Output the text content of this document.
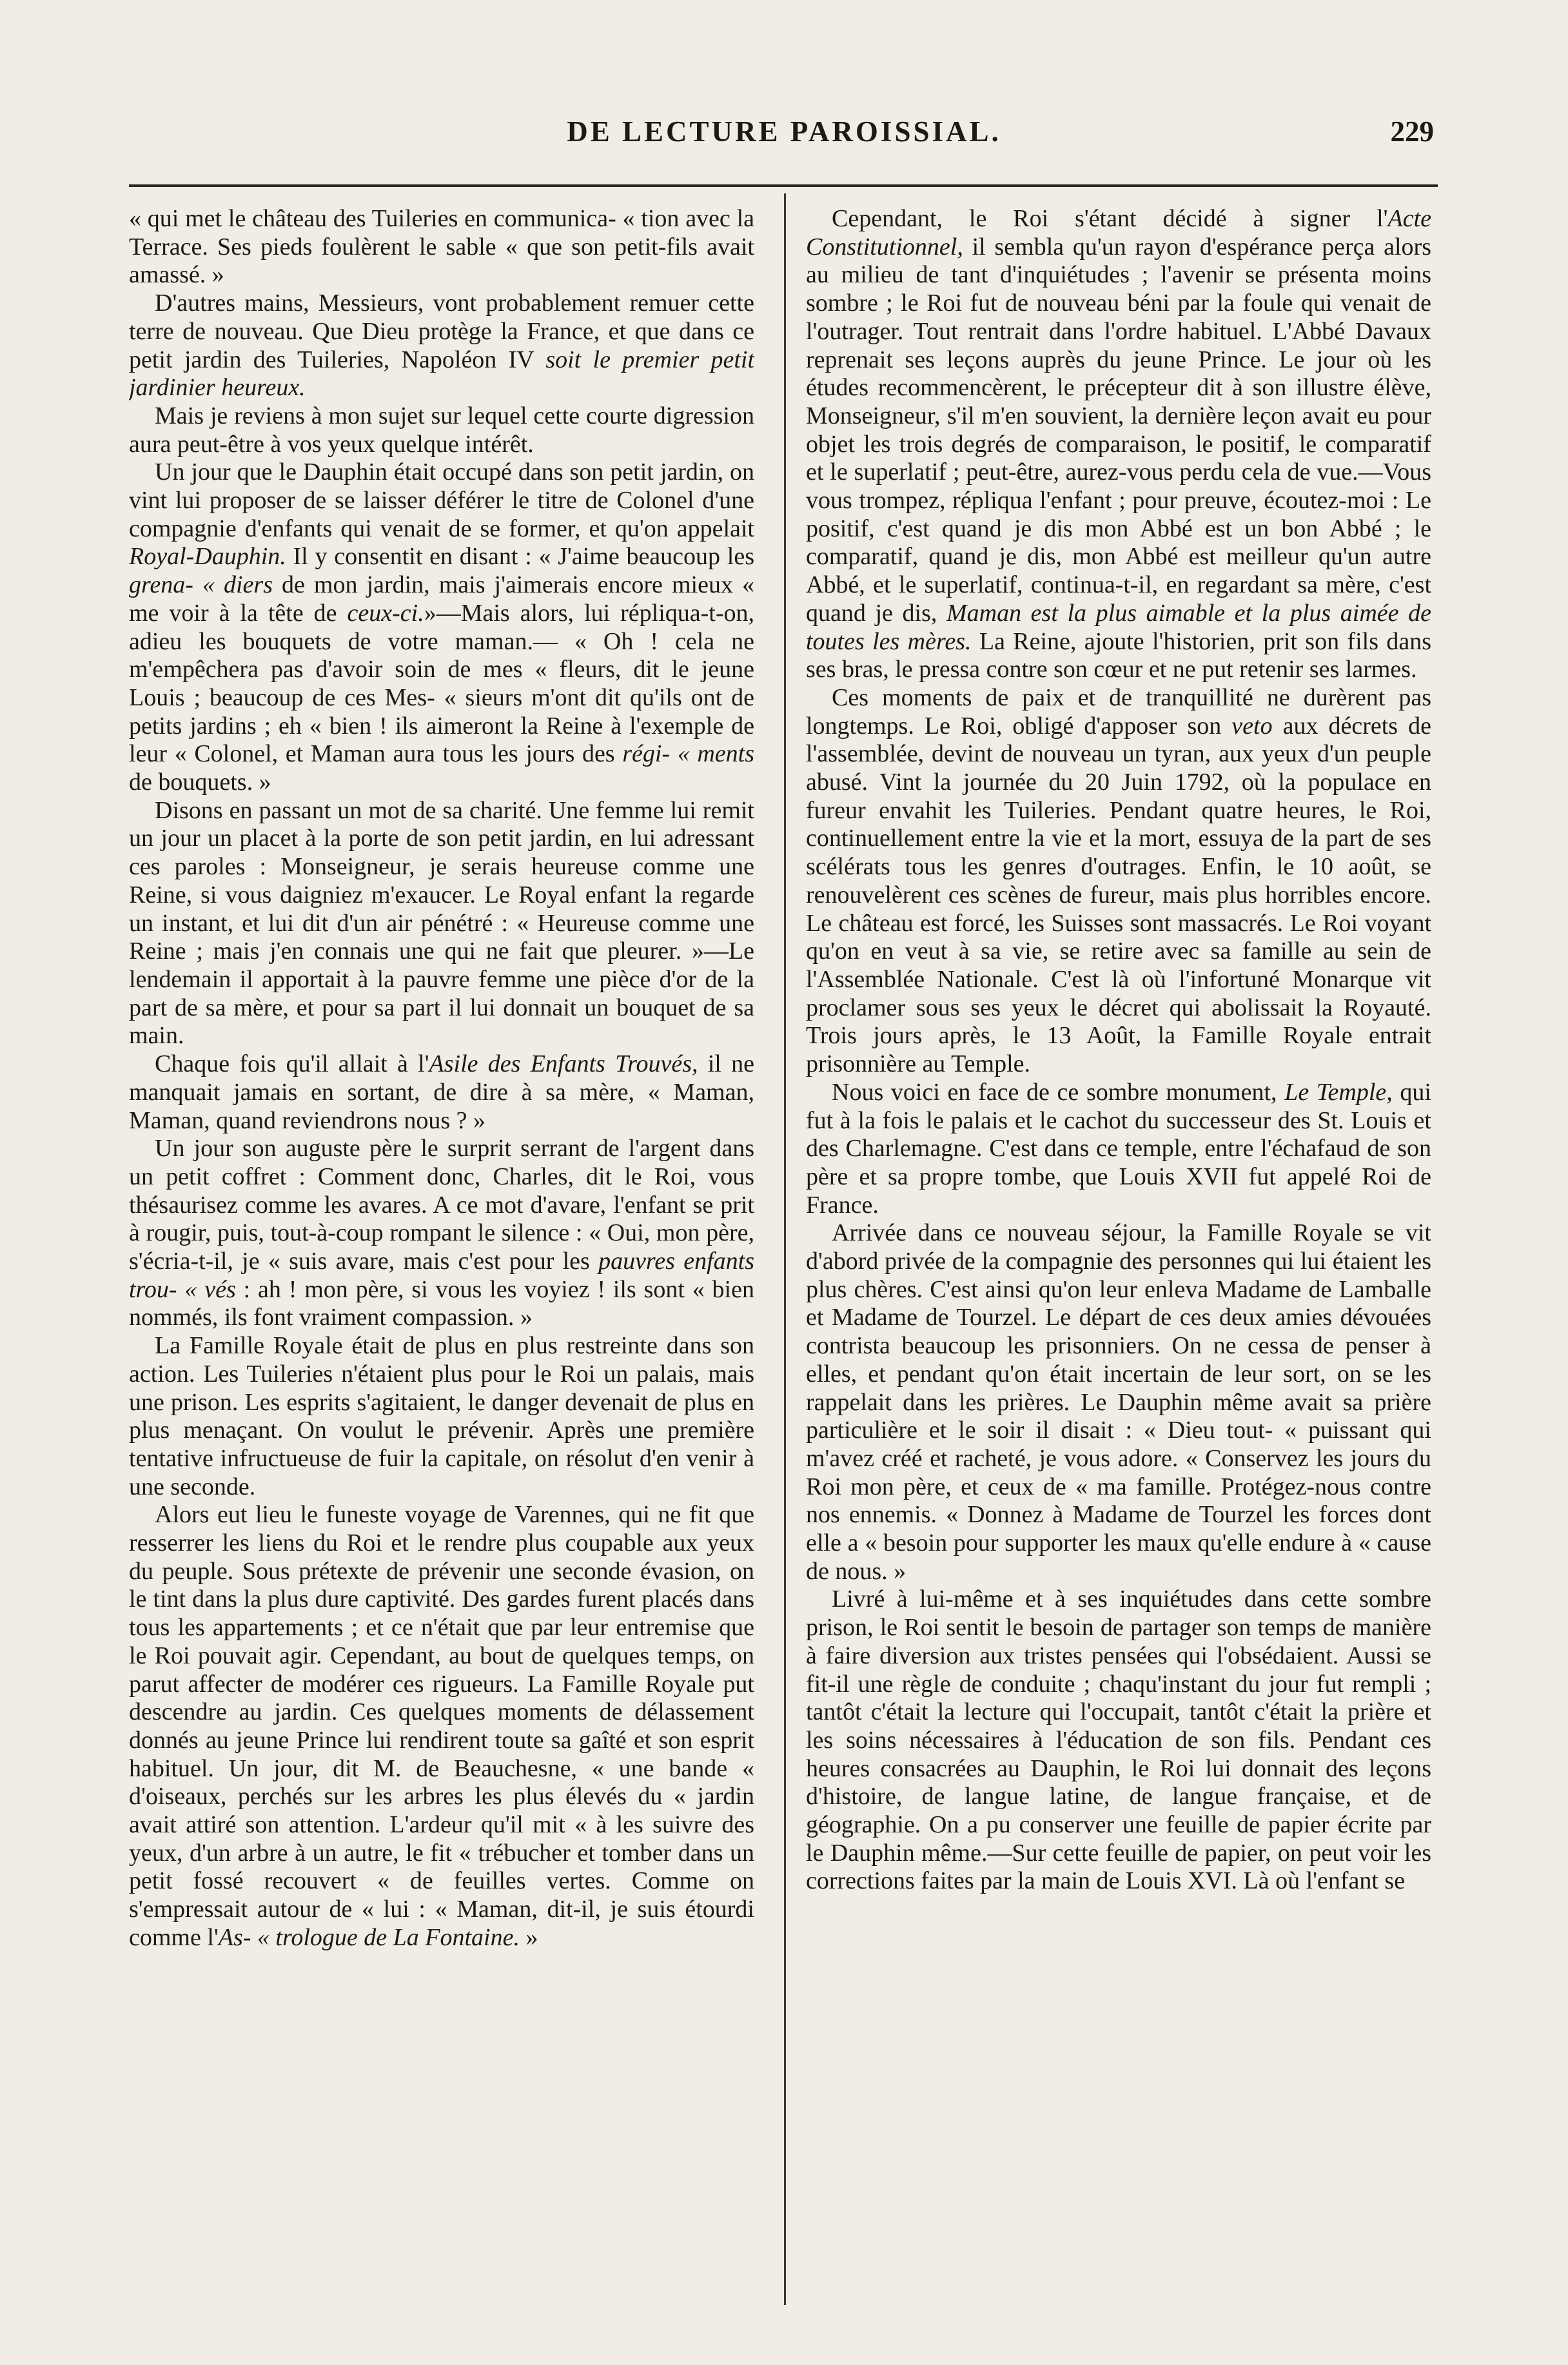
DE LECTURE PAROISSIAL.	229

« qui met le château des Tuileries en communica- « tion avec la Terrace. Ses pieds foulèrent le sable « que son petit-fils avait amassé. »

D'autres mains, Messieurs, vont probablement remuer cette terre de nouveau. Que Dieu protège la France, et que dans ce petit jardin des Tuileries, Napoléon IV soit le premier petit jardinier heureux.

Mais je reviens à mon sujet sur lequel cette courte digression aura peut-être à vos yeux quelque intérêt.

Un jour que le Dauphin était occupé dans son petit jardin, on vint lui proposer de se laisser déférer le titre de Colonel d'une compagnie d'enfants qui venait de se former, et qu'on appelait Royal-Dauphin. Il y consentit en disant : « J'aime beaucoup les grena- « diers de mon jardin, mais j'aimerais encore mieux « me voir à la tête de ceux-ci.»—Mais alors, lui répliqua-t-on, adieu les bouquets de votre maman.— « Oh ! cela ne m'empêchera pas d'avoir soin de mes « fleurs, dit le jeune Louis ; beaucoup de ces Mes- « sieurs m'ont dit qu'ils ont de petits jardins ; eh « bien ! ils aimeront la Reine à l'exemple de leur « Colonel, et Maman aura tous les jours des régi- « ments de bouquets. »

Disons en passant un mot de sa charité. Une femme lui remit un jour un placet à la porte de son petit jardin, en lui adressant ces paroles : Monseigneur, je serais heureuse comme une Reine, si vous daigniez m'exaucer. Le Royal enfant la regarde un instant, et lui dit d'un air pénétré : « Heureuse comme une Reine ; mais j'en connais une qui ne fait que pleurer. »—Le lendemain il apportait à la pauvre femme une pièce d'or de la part de sa mère, et pour sa part il lui donnait un bouquet de sa main.

Chaque fois qu'il allait à l'Asile des Enfants Trouvés, il ne manquait jamais en sortant, de dire à sa mère, « Maman, Maman, quand reviendrons nous ? »

Un jour son auguste père le surprit serrant de l'argent dans un petit coffret : Comment donc, Charles, dit le Roi, vous thésaurisez comme les avares. A ce mot d'avare, l'enfant se prit à rougir, puis, tout-à-coup rompant le silence : « Oui, mon père, s'écria-t-il, je « suis avare, mais c'est pour les pauvres enfants trou- « vés : ah ! mon père, si vous les voyiez ! ils sont « bien nommés, ils font vraiment compassion. »

La Famille Royale était de plus en plus restreinte dans son action. Les Tuileries n'étaient plus pour le Roi un palais, mais une prison. Les esprits s'agitaient, le danger devenait de plus en plus menaçant. On voulut le prévenir. Après une première tentative infructueuse de fuir la capitale, on résolut d'en venir à une seconde.

Alors eut lieu le funeste voyage de Varennes, qui ne fit que resserrer les liens du Roi et le rendre plus coupable aux yeux du peuple. Sous prétexte de prévenir une seconde évasion, on le tint dans la plus dure captivité. Des gardes furent placés dans tous les appartements ; et ce n'était que par leur entremise que le Roi pouvait agir. Cependant, au bout de quelques temps, on parut affecter de modérer ces rigueurs. La Famille Royale put descendre au jardin. Ces quelques moments de délassement donnés au jeune Prince lui rendirent toute sa gaîté et son esprit habituel. Un jour, dit M. de Beauchesne, « une bande « d'oiseaux, perchés sur les arbres les plus élevés du « jardin avait attiré son attention. L'ardeur qu'il mit « à les suivre des yeux, d'un arbre à un autre, le fit « trébucher et tomber dans un petit fossé recouvert « de feuilles vertes. Comme on s'empressait autour de « lui : « Maman, dit-il, je suis étourdi comme l'As- « trologue de La Fontaine. »

Cependant, le Roi s'étant décidé à signer l'Acte Constitutionnel, il sembla qu'un rayon d'espérance perça alors au milieu de tant d'inquiétudes ; l'avenir se présenta moins sombre ; le Roi fut de nouveau béni par la foule qui venait de l'outrager. Tout rentrait dans l'ordre habituel. L'Abbé Davaux reprenait ses leçons auprès du jeune Prince. Le jour où les études recommencèrent, le précepteur dit à son illustre élève, Monseigneur, s'il m'en souvient, la dernière leçon avait eu pour objet les trois degrés de comparaison, le positif, le comparatif et le superlatif ; peut-être, aurez-vous perdu cela de vue.—Vous vous trompez, répliqua l'enfant ; pour preuve, écoutez-moi : Le positif, c'est quand je dis mon Abbé est un bon Abbé ; le comparatif, quand je dis, mon Abbé est meilleur qu'un autre Abbé, et le superlatif, continua-t-il, en regardant sa mère, c'est quand je dis, Maman est la plus aimable et la plus aimée de toutes les mères. La Reine, ajoute l'historien, prit son fils dans ses bras, le pressa contre son cœur et ne put retenir ses larmes.

Ces moments de paix et de tranquillité ne durèrent pas longtemps. Le Roi, obligé d'apposer son veto aux décrets de l'assemblée, devint de nouveau un tyran, aux yeux d'un peuple abusé. Vint la journée du 20 Juin 1792, où la populace en fureur envahit les Tuileries. Pendant quatre heures, le Roi, continuellement entre la vie et la mort, essuya de la part de ses scélérats tous les genres d'outrages. Enfin, le 10 août, se renouvelèrent ces scènes de fureur, mais plus horribles encore. Le château est forcé, les Suisses sont massacrés. Le Roi voyant qu'on en veut à sa vie, se retire avec sa famille au sein de l'Assemblée Nationale. C'est là où l'infortuné Monarque vit proclamer sous ses yeux le décret qui abolissait la Royauté. Trois jours après, le 13 Août, la Famille Royale entrait prisonnière au Temple.

Nous voici en face de ce sombre monument, Le Temple, qui fut à la fois le palais et le cachot du successeur des St. Louis et des Charlemagne. C'est dans ce temple, entre l'échafaud de son père et sa propre tombe, que Louis XVII fut appelé Roi de France.

Arrivée dans ce nouveau séjour, la Famille Royale se vit d'abord privée de la compagnie des personnes qui lui étaient les plus chères. C'est ainsi qu'on leur enleva Madame de Lamballe et Madame de Tourzel. Le départ de ces deux amies dévouées contrista beaucoup les prisonniers. On ne cessa de penser à elles, et pendant qu'on était incertain de leur sort, on se les rappelait dans les prières. Le Dauphin même avait sa prière particulière et le soir il disait : « Dieu tout- « puissant qui m'avez créé et racheté, je vous adore. « Conservez les jours du Roi mon père, et ceux de « ma famille. Protégez-nous contre nos ennemis. « Donnez à Madame de Tourzel les forces dont elle a « besoin pour supporter les maux qu'elle endure à « cause de nous. »

Livré à lui-même et à ses inquiétudes dans cette sombre prison, le Roi sentit le besoin de partager son temps de manière à faire diversion aux tristes pensées qui l'obsédaient. Aussi se fit-il une règle de conduite ; chaqu'instant du jour fut rempli ; tantôt c'était la lecture qui l'occupait, tantôt c'était la prière et les soins nécessaires à l'éducation de son fils. Pendant ces heures consacrées au Dauphin, le Roi lui donnait des leçons d'histoire, de langue latine, de langue française, et de géographie. On a pu conserver une feuille de papier écrite par le Dauphin même.—Sur cette feuille de papier, on peut voir les corrections faites par la main de Louis XVI. Là où l'enfant se
